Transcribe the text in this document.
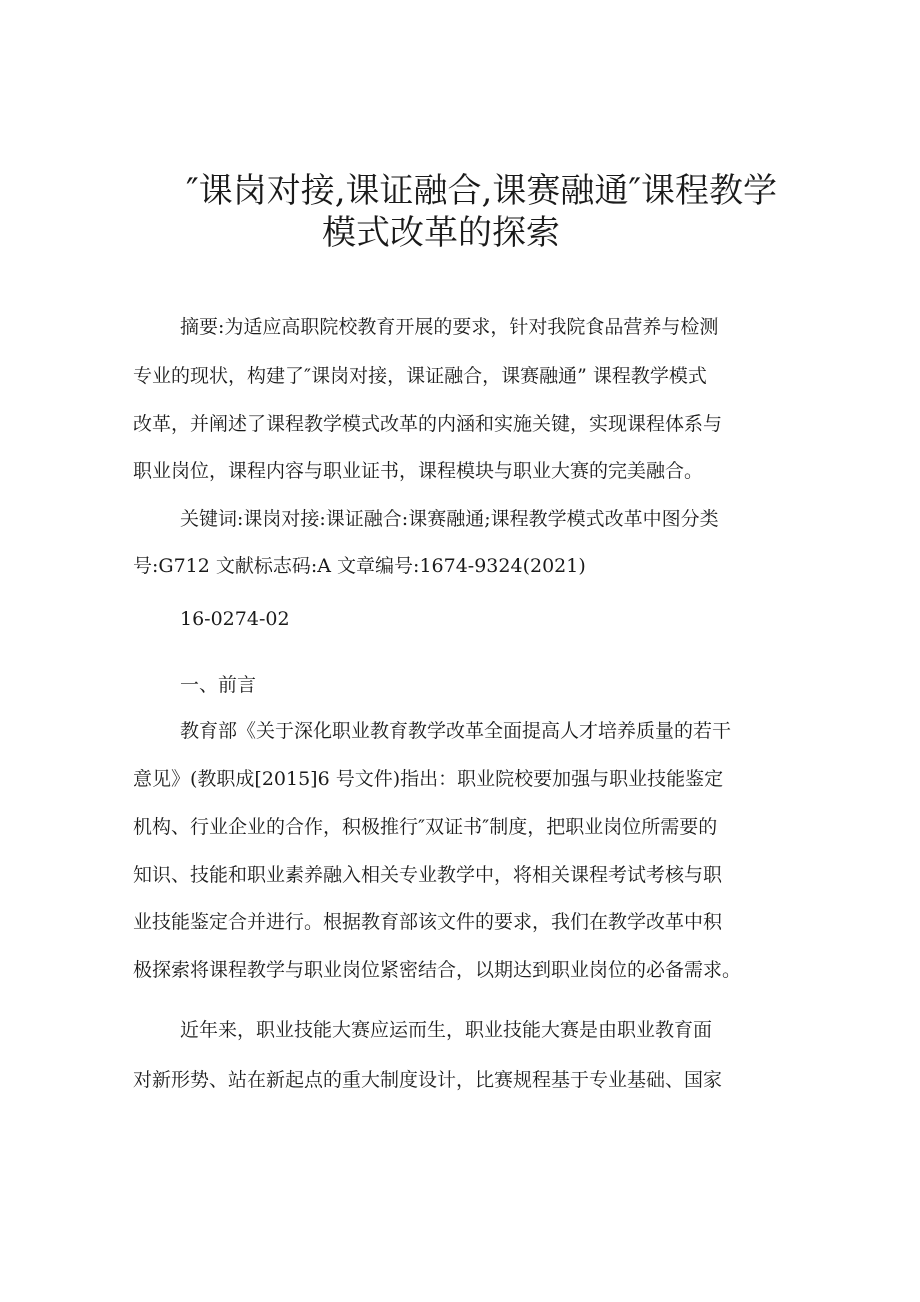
″课岗对接,课证融合,课赛融通″课程教学
模式改革的探索
摘要:为适应高职院校教育开展的要求，针对我院食品营养与检测
专业的现状，构建了″课岗对接，课证融合，课赛融通” 课程教学模式
改革，并阐述了课程教学模式改革的内涵和实施关键，实现课程体系与
职业岗位，课程内容与职业证书，课程模块与职业大赛的完美融合。
关键词:课岗对接:课证融合:课赛融通;课程教学模式改革中图分类
号:G712 文献标志码:A 文章编号:1674-9324(2021)
16-0274-02
一、前言
教育部《关于深化职业教育教学改革全面提高人才培养质量的若干
意见》(教职成[2015]6 号文件)指出：职业院校要加强与职业技能鉴定
机构、行业企业的合作，积极推行″双证书″制度，把职业岗位所需要的
知识、技能和职业素养融入相关专业教学中，将相关课程考试考核与职
业技能鉴定合并进行。根据教育部该文件的要求，我们在教学改革中积
极探索将课程教学与职业岗位紧密结合，以期达到职业岗位的必备需求。
近年来，职业技能大赛应运而生，职业技能大赛是由职业教育面
对新形势、站在新起点的重大制度设计，比赛规程基于专业基础、国家
